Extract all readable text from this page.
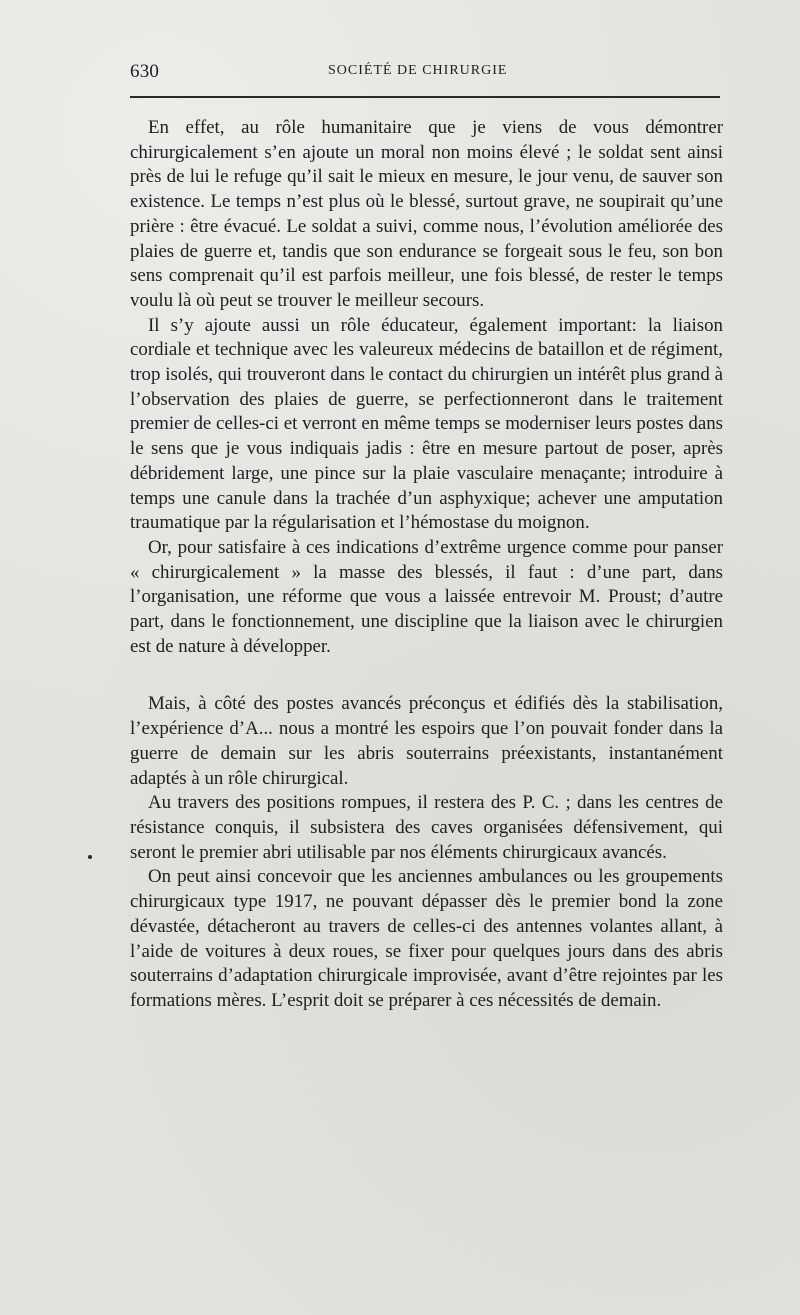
630	SOCIÉTÉ DE CHIRURGIE

En effet, au rôle humanitaire que je viens de vous démontrer chirurgicalement s’en ajoute un moral non moins élevé ; le soldat sent ainsi près de lui le refuge qu’il sait le mieux en mesure, le jour venu, de sauver son existence. Le temps n’est plus où le blessé, surtout grave, ne soupirait qu’une prière : être évacué. Le soldat a suivi, comme nous, l’évolution améliorée des plaies de guerre et, tandis que son endurance se forgeait sous le feu, son bon sens comprenait qu’il est parfois meilleur, une fois blessé, de rester le temps voulu là où peut se trouver le meilleur secours.

Il s’y ajoute aussi un rôle éducateur, également important: la liaison cordiale et technique avec les valeureux médecins de bataillon et de régiment, trop isolés, qui trouveront dans le contact du chirurgien un intérêt plus grand à l’observation des plaies de guerre, se perfectionneront dans le traitement premier de celles-ci et verront en même temps se moderniser leurs postes dans le sens que je vous indiquais jadis : être en mesure partout de poser, après débridement large, une pince sur la plaie vasculaire menaçante; introduire à temps une canule dans la trachée d’un asphyxique; achever une amputation traumatique par la régularisation et l’hémostase du moignon.

Or, pour satisfaire à ces indications d’extrême urgence comme pour panser « chirurgicalement » la masse des blessés, il faut : d’une part, dans l’organisation, une réforme que vous a laissée entrevoir M. Proust; d’autre part, dans le fonctionnement, une discipline que la liaison avec le chirurgien est de nature à développer.

Mais, à côté des postes avancés préconçus et édifiés dès la stabilisation, l’expérience d’A... nous a montré les espoirs que l’on pouvait fonder dans la guerre de demain sur les abris souterrains préexistants, instantanément adaptés à un rôle chirurgical.

Au travers des positions rompues, il restera des P. C. ; dans les centres de résistance conquis, il subsistera des caves organisées défensivement, qui seront le premier abri utilisable par nos éléments chirurgicaux avancés.

On peut ainsi concevoir que les anciennes ambulances ou les groupements chirurgicaux type 1917, ne pouvant dépasser dès le premier bond la zone dévastée, détacheront au travers de celles-ci des antennes volantes allant, à l’aide de voitures à deux roues, se fixer pour quelques jours dans des abris souterrains d’adaptation chirurgicale improvisée, avant d’être rejointes par les formations mères. L’esprit doit se préparer à ces nécessités de demain.
